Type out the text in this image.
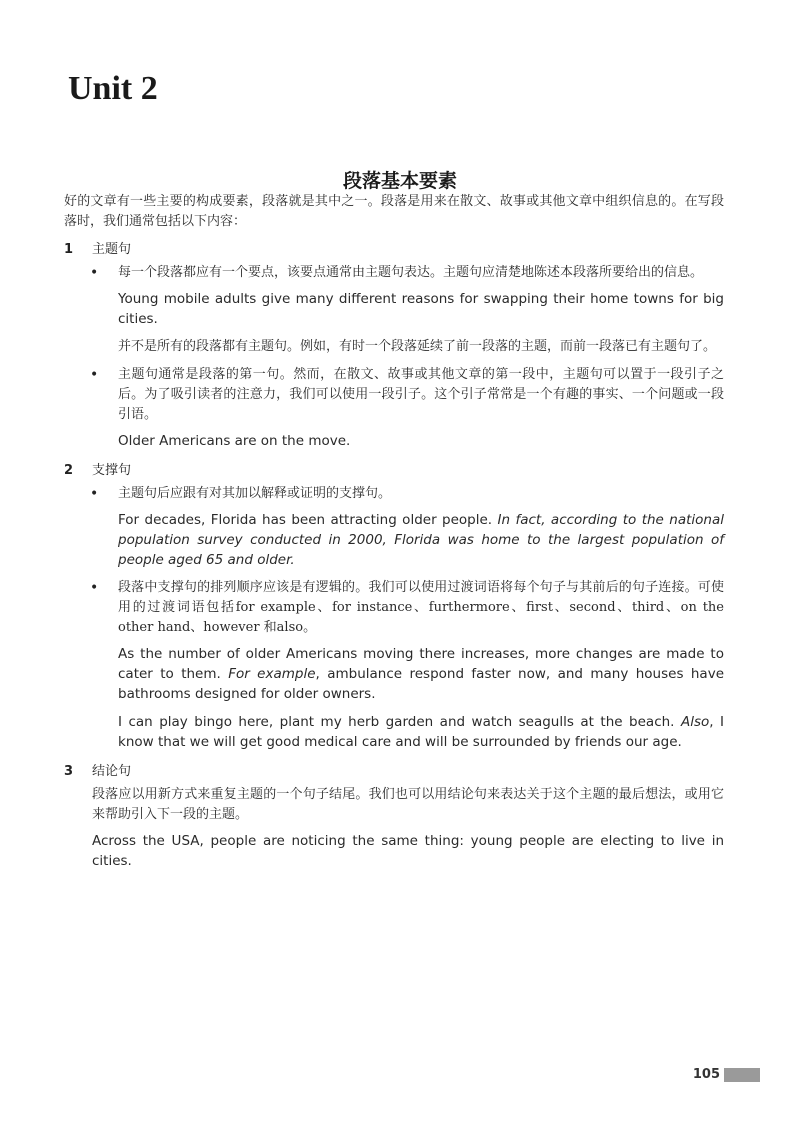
Unit 2
段落基本要素

好的文章有一些主要的构成要素，段落就是其中之一。段落是用来在散文、故事或其他文章中组织信息的。在写段落时，我们通常包括以下内容：

1	主题句
•	每一个段落都应有一个要点，该要点通常由主题句表达。主题句应清楚地陈述本段落所要给出的信息。

Young mobile adults give many different reasons for swapping their home towns for big cities.

并不是所有的段落都有主题句。例如，有时一个段落延续了前一段落的主题，而前一段落已有主题句了。

•	主题句通常是段落的第一句。然而，在散文、故事或其他文章的第一段中，主题句可以置于一段引子之后。为了吸引读者的注意力，我们可以使用一段引子。这个引子常常是一个有趣的事实、一个问题或一段引语。

Older Americans are on the move.

2	支撑句
•	主题句后应跟有对其加以解释或证明的支撑句。

For decades, Florida has been attracting older people. In fact, according to the national population survey conducted in 2000, Florida was home to the largest population of people aged 65 and older.

•	段落中支撑句的排列顺序应该是有逻辑的。我们可以使用过渡词语将每个句子与其前后的句子连接。可使用的过渡词语包括for example、for instance、furthermore、first、second、third、on the other hand、however 和also。

As the number of older Americans moving there increases, more changes are made to cater to them. For example, ambulance respond faster now, and many houses have bathrooms designed for older owners.

I can play bingo here, plant my herb garden and watch seagulls at the beach. Also, I know that we will get good medical care and will be surrounded by friends our age.

3	结论句

段落应以用新方式来重复主题的一个句子结尾。我们也可以用结论句来表达关于这个主题的最后想法，或用它来帮助引入下一段的主题。

Across the USA, people are noticing the same thing: young people are electing to live in cities.

105
